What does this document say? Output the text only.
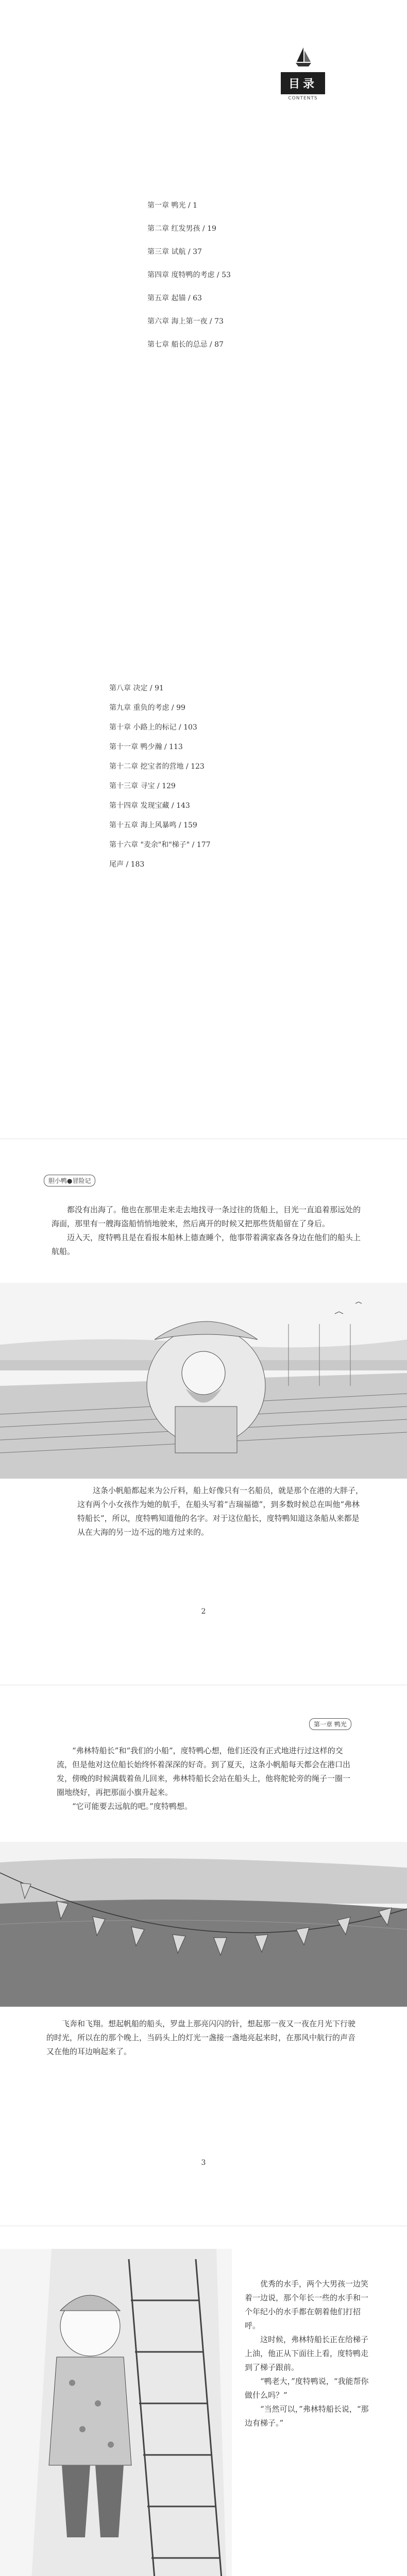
目录
CONTENTS
第一章 鸭光 / 1
第二章 红发男孩 / 19
第三章 试航 / 37
第四章 度特鸭的考虑 / 53
第五章 起锚 / 63
第六章 海上第一夜 / 73
第七章 船长的总忌 / 87
第八章 决定 / 91
第九章 重负的考虑 / 99
第十章 小路上的标记 / 103
第十一章 鸭少瀚 / 113
第十二章 挖宝者的营地 / 123
第十三章 寻宝 / 129
第十四章 发现宝藏 / 143
第十五章 海上风暴鸣 / 159
第十六章 "麦余"和"梯子" / 177
尾声 / 183
胆小鸭●冒险记

都没有出海了。他也在那里走来走去地找寻一条过往的货船上，目光一直追着那远处的海面，那里有一艘海盗船悄悄地驶来，然后离开的时候又把那些货船留在了身后。

迈入天，度特鸭且是在看报本船林上德查睡个，他事带着满家森各身边在他们的船头上航船。

这条小帆船都起来为公斤料，船上好像只有一名船员，就是那个在港的大胖子，这有两个小女孩作为她的航手，在船头写着“吉瑞福德”，到多数时候总在叫他“弗林特船长”，所以，度特鸭知道他的名字。对于这位船长，度特鸭知道这条船从来都是从在大海的另一边不远的地方过来的。

2
第一章 鸭光

“弗林特船长”和“我们的小船”，度特鸭心想，他们还没有正式地进行过这样的交流，但是他对这位船长始终怀着深深的好奇。到了夏天，这条小帆船每天都会在港口出发，傍晚的时候满载着鱼儿回来，弗林特船长会站在船头上，他将舵轮旁的绳子一圈一圈地绕好，再把那面小旗升起来。

“它可能要去远航的吧。”度特鸭想。

飞奔和飞翔。想起帆船的船头，罗盘上那亮闪闪的针，想起那一夜又一夜在月光下行驶的时光，所以在的那个晚上，当码头上的灯光一盏接一盏地亮起来时，在那风中航行的声音又在他的耳边响起来了。

3

优秀的水手，两个大男孩一边笑着一边说，那个年长一些的水手和一个年纪小的水手都在朝着他们打招呼。

这时候，弗林特船长正在给梯子上油，他正从下面往上看，度特鸭走到了梯子跟前。

“鸭老大，”度特鸭说，“我能帮你做什么吗？”

“当然可以，”弗林特船长说，“那边有梯子。”
